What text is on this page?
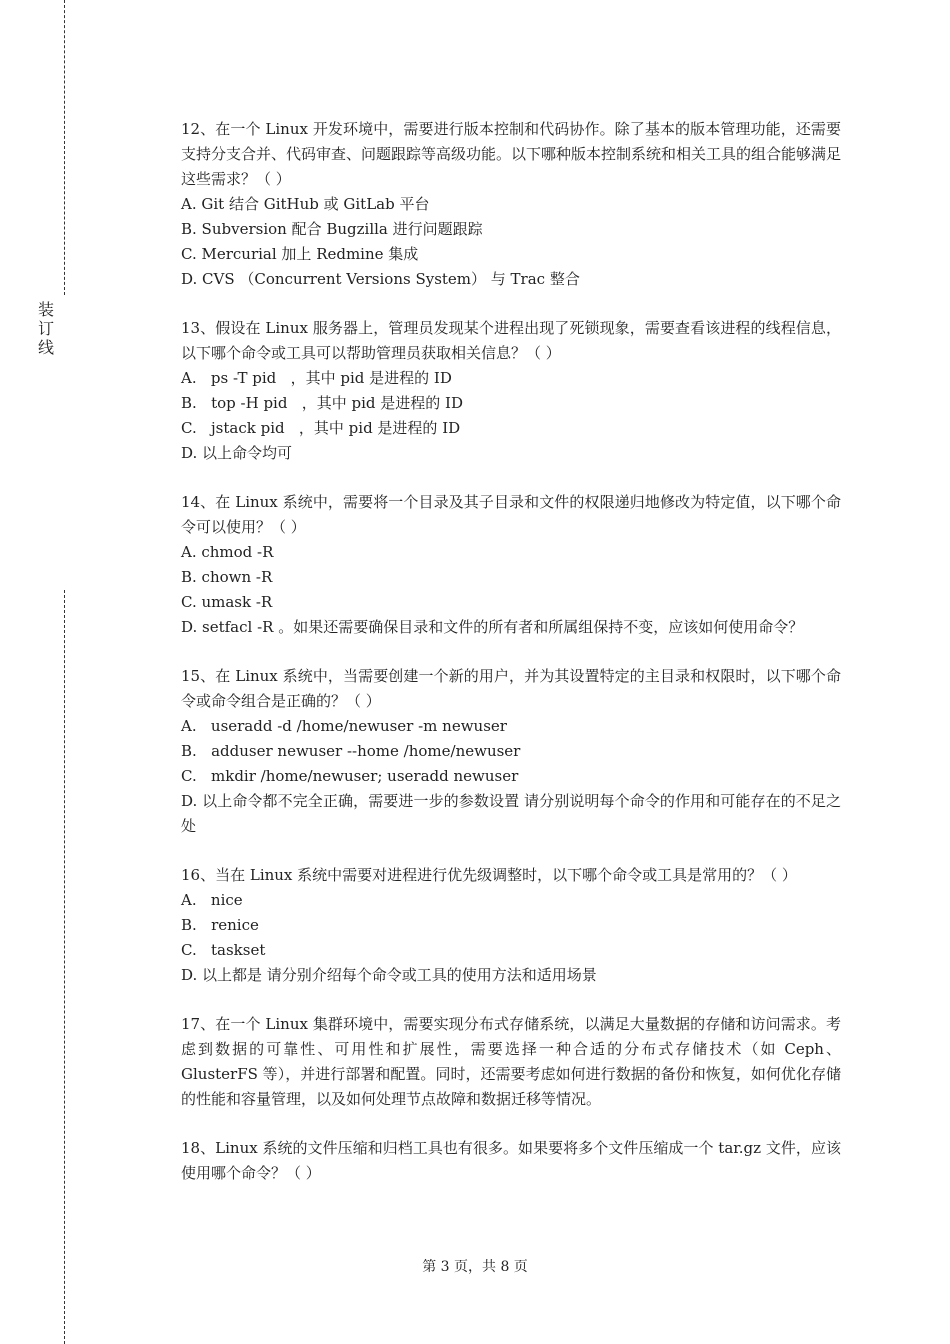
装订线
12、在一个 Linux 开发环境中，需要进行版本控制和代码协作。除了基本的版本管理功能，还需要支持分支合并、代码审查、问题跟踪等高级功能。以下哪种版本控制系统和相关工具的组合能够满足这些需求？（ ）
A. Git 结合 GitHub 或 GitLab 平台
B. Subversion 配合 Bugzilla 进行问题跟踪
C. Mercurial 加上 Redmine 集成
D. CVS （Concurrent Versions System） 与 Trac 整合
13、假设在 Linux 服务器上，管理员发现某个进程出现了死锁现象，需要查看该进程的线程信息，以下哪个命令或工具可以帮助管理员获取相关信息？（ ）
A.   ps -T pid   ，其中 pid 是进程的 ID
B.   top -H pid   ，其中 pid 是进程的 ID
C.   jstack pid   ，其中 pid 是进程的 ID
D. 以上命令均可
14、在 Linux 系统中，需要将一个目录及其子目录和文件的权限递归地修改为特定值，以下哪个命令可以使用？（ ）
A. chmod -R
B. chown -R
C. umask -R
D. setfacl -R 。如果还需要确保目录和文件的所有者和所属组保持不变，应该如何使用命令？
15、在 Linux 系统中，当需要创建一个新的用户，并为其设置特定的主目录和权限时，以下哪个命令或命令组合是正确的？（ ）
A.   useradd -d /home/newuser -m newuser
B.   adduser newuser --home /home/newuser
C.   mkdir /home/newuser; useradd newuser
D. 以上命令都不完全正确，需要进一步的参数设置 请分别说明每个命令的作用和可能存在的不足之处
16、当在 Linux 系统中需要对进程进行优先级调整时，以下哪个命令或工具是常用的？（ ）
A.   nice
B.   renice
C.   taskset
D. 以上都是 请分别介绍每个命令或工具的使用方法和适用场景
17、在一个 Linux 集群环境中，需要实现分布式存储系统，以满足大量数据的存储和访问需求。考虑到数据的可靠性、可用性和扩展性，需要选择一种合适的分布式存储技术（如 Ceph、GlusterFS 等），并进行部署和配置。同时，还需要考虑如何进行数据的备份和恢复，如何优化存储的性能和容量管理，以及如何处理节点故障和数据迁移等情况。
18、Linux 系统的文件压缩和归档工具也有很多。如果要将多个文件压缩成一个 tar.gz 文件，应该使用哪个命令？（ ）
第 3 页，共 8 页
